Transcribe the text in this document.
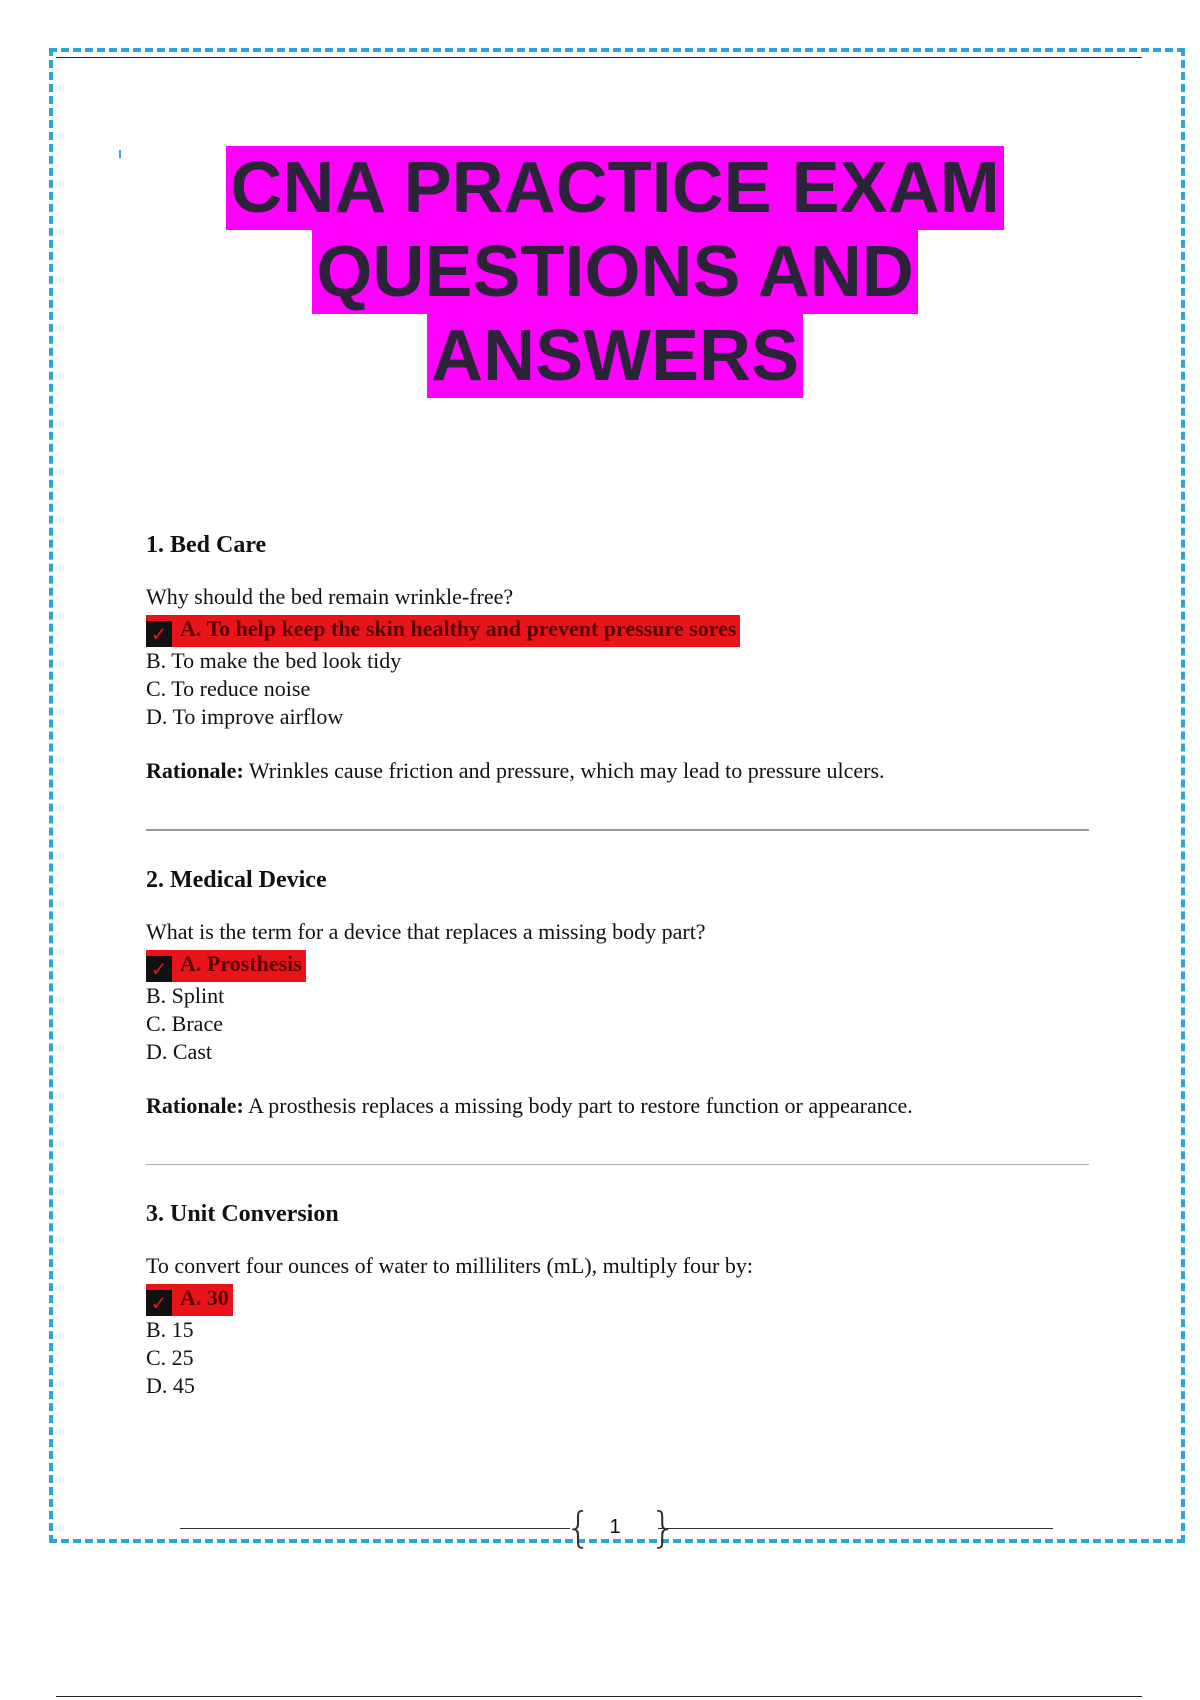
CNA PRACTICE EXAM
QUESTIONS AND
ANSWERS
1. Bed Care
Why should the bed remain wrinkle-free?
✓ A. To help keep the skin healthy and prevent pressure sores
B. To make the bed look tidy
C. To reduce noise
D. To improve airflow
Rationale: Wrinkles cause friction and pressure, which may lead to pressure ulcers.
2. Medical Device
What is the term for a device that replaces a missing body part?
✓ A. Prosthesis
B. Splint
C. Brace
D. Cast
Rationale: A prosthesis replaces a missing body part to restore function or appearance.
3. Unit Conversion
To convert four ounces of water to milliliters (mL), multiply four by:
✓ A. 30
B. 15
C. 25
D. 45
{ 1 }
